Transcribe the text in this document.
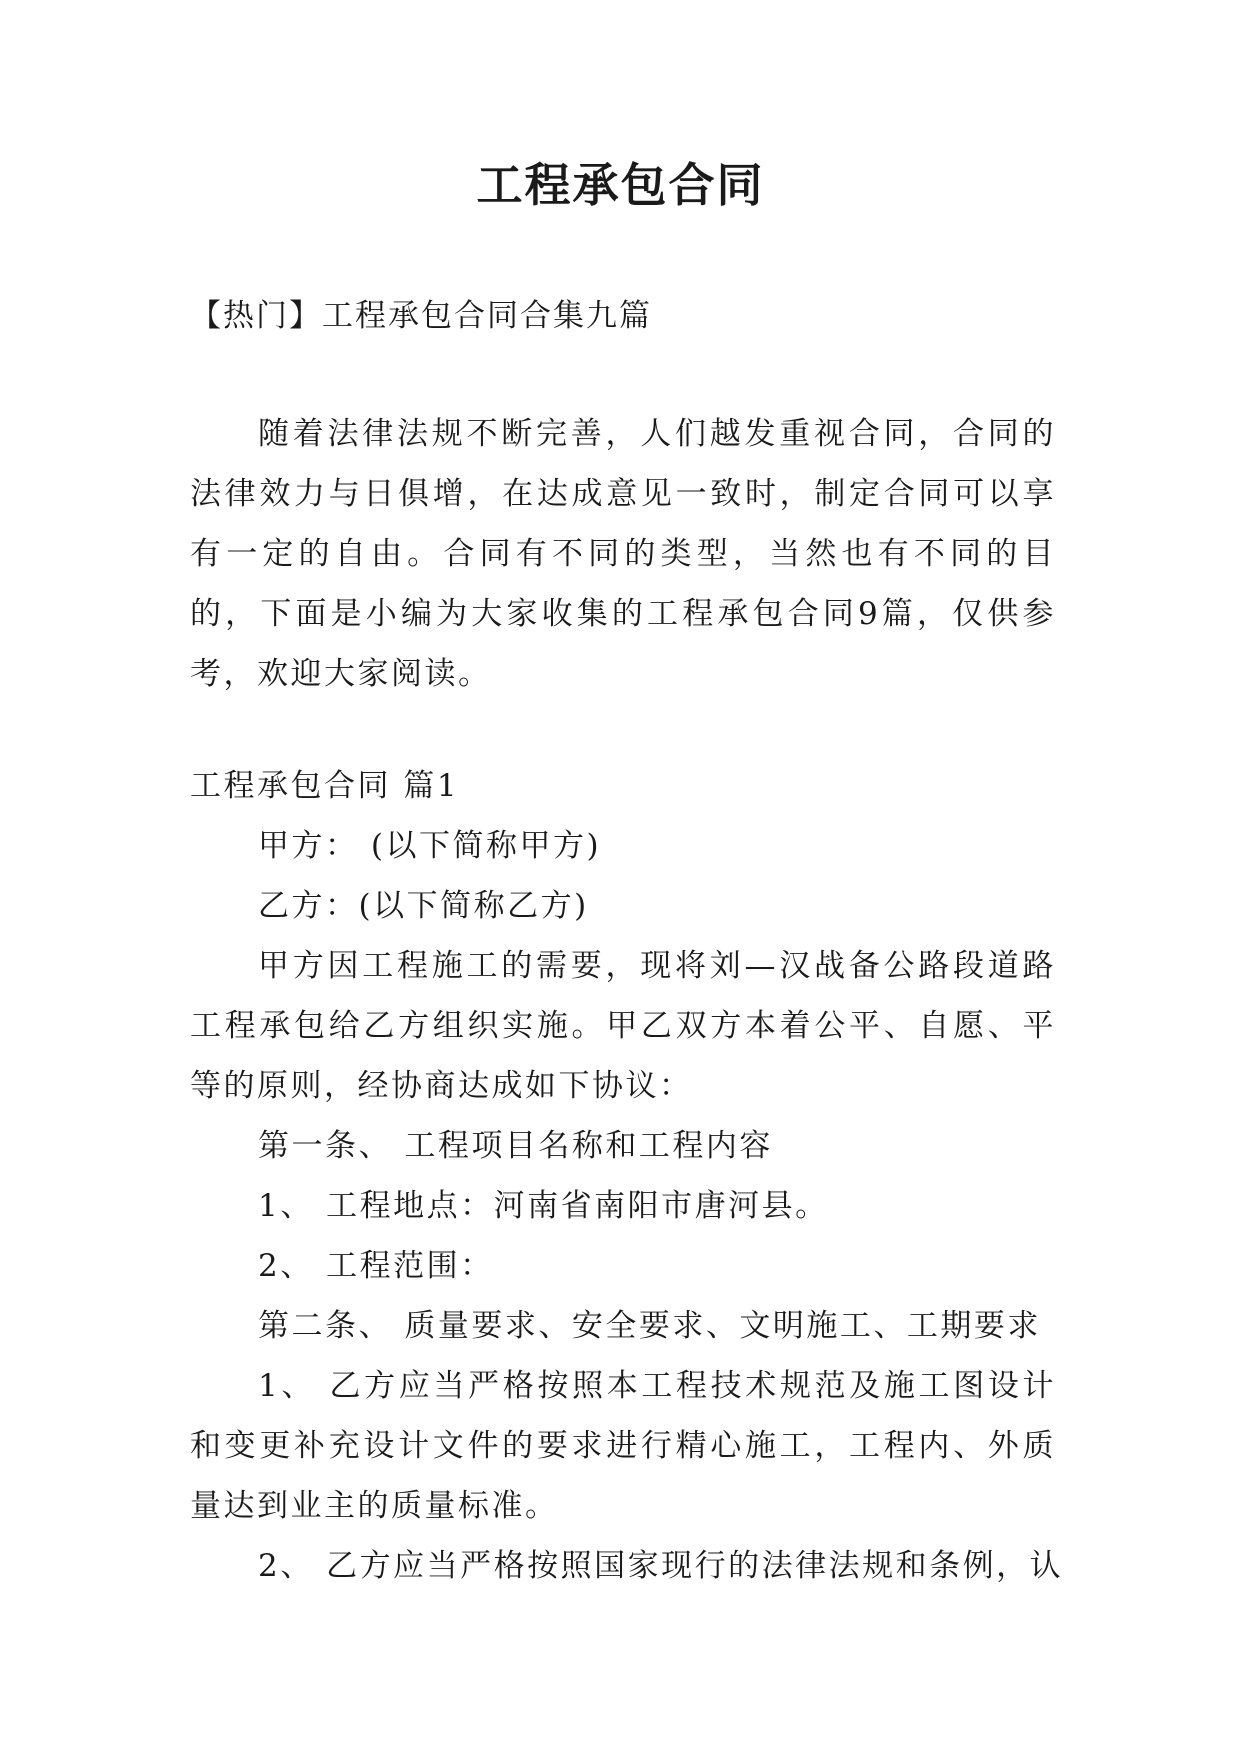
工程承包合同
【热门】工程承包合同合集九篇

随着法律法规不断完善，人们越发重视合同，合同的法律效力与日俱增，在达成意见一致时，制定合同可以享有一定的自由。合同有不同的类型，当然也有不同的目的，下面是小编为大家收集的工程承包合同9篇，仅供参考，欢迎大家阅读。

工程承包合同 篇1

甲方： (以下简称甲方)

乙方：(以下简称乙方)

甲方因工程施工的需要，现将刘—汉战备公路段道路工程承包给乙方组织实施。甲乙双方本着公平、自愿、平等的原则，经协商达成如下协议：

第一条、 工程项目名称和工程内容

1、 工程地点：河南省南阳市唐河县。

2、 工程范围：

第二条、 质量要求、安全要求、文明施工、工期要求

1、 乙方应当严格按照本工程技术规范及施工图设计和变更补充设计文件的要求进行精心施工，工程内、外质量达到业主的质量标准。

2、 乙方应当严格按照国家现行的法律法规和条例，认
